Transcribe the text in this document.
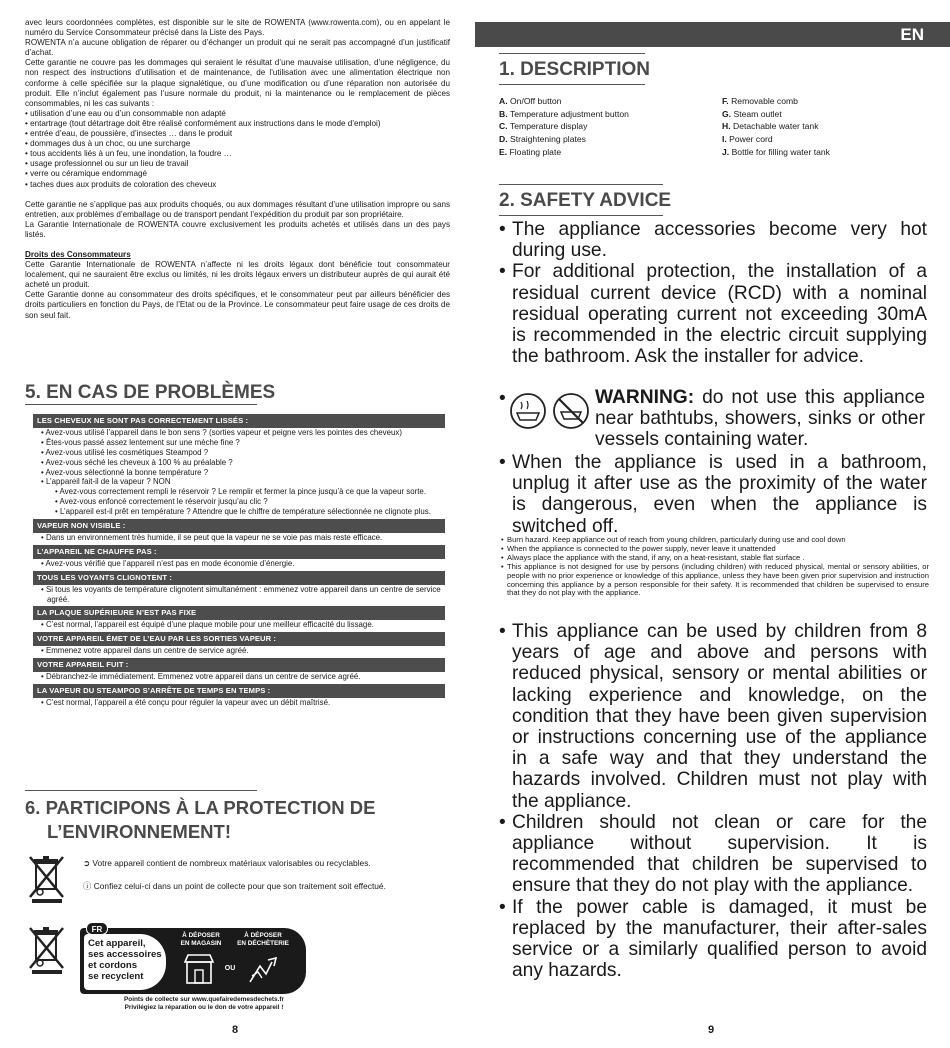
avec leurs coordonnées complètes, est disponible sur le site de ROWENTA (www.rowenta.com), ou en appelant le numéro du Service Consommateur précisé dans la Liste des Pays.

ROWENTA n’a aucune obligation de réparer ou d’échanger un produit qui ne serait pas accompagné d’un justificatif d’achat.

Cette garantie ne couvre pas les dommages qui seraient le résultat d’une mauvaise utilisation, d’une négligence, du non respect des instructions d’utilisation et de maintenance, de l’utilisation avec une alimentation électrique non conforme à celle spécifiée sur la plaque signalétique, ou d’une modification ou d’une réparation non autorisée du produit. Elle n’inclut également pas l’usure normale du produit, ni la maintenance ou le remplacement de pièces consommables, ni les cas suivants :

• utilisation d’une eau ou d’un consommable non adapté

• entartrage (tout détartrage doit être réalisé conformément aux instructions dans le mode d’emploi)

• entrée d’eau, de poussière, d’insectes … dans le produit

• dommages dus à un choc, ou une surcharge

• tous accidents liés à un feu, une inondation, la foudre …

• usage professionnel ou sur un lieu de travail

• verre ou céramique endommagé

• taches dues aux produits de coloration des cheveux

Cette garantie ne s’applique pas aux produits choqués, ou aux dommages résultant d’une utilisation impropre ou sans entretien, aux problèmes d’emballage ou de transport pendant l’expédition du produit par son propriétaire.

La Garantie Internationale de ROWENTA couvre exclusivement les produits achetés et utilisés dans un des pays listés.

Droits des Consommateurs

Cette Garantie Internationale de ROWENTA n’affecte ni les droits légaux dont bénéficie tout consommateur localement, qui ne sauraient être exclus ou limités, ni les droits légaux envers un distributeur auprès de qui aurait été acheté un produit.

Cette Garantie donne au consommateur des droits spécifiques, et le consommateur peut par ailleurs bénéficier des droits particuliers en fonction du Pays, de l’Etat ou de la Province. Le consommateur peut faire usage de ces droits de son seul fait.

5. EN CAS DE PROBLÈMES
LES CHEVEUX NE SONT PAS CORRECTEMENT LISSÉS :
• Avez-vous utilisé l’appareil dans le bon sens ? (sorties vapeur et peigne vers les pointes des cheveux)
• Êtes-vous passé assez lentement sur une mèche fine ?
• Avez-vous utilisé les cosmétiques Steampod ?
• Avez-vous séché les cheveux à 100 % au préalable ?
• Avez-vous sélectionné la bonne température ?
• L’appareil fait-il de la vapeur ? NON
• Avez-vous correctement rempli le réservoir ? Le remplir et fermer la pince jusqu’à ce que la vapeur sorte.
• Avez-vous enfoncé correctement le réservoir jusqu’au clic ?
• L’appareil est-il prêt en température ? Attendre que le chiffre de température sélectionnée ne clignote plus.
VAPEUR NON VISIBLE :
• Dans un environnement très humide, il se peut que la vapeur ne se voie pas mais reste efficace.
L’APPAREIL NE CHAUFFE PAS :
• Avez-vous vérifié que l’appareil n’est pas en mode économie d’énergie.
TOUS LES VOYANTS CLIGNOTENT :
• Si tous les voyants de température clignotent simultanément : emmenez votre appareil dans un centre de service agréé.
LA PLAQUE SUPÉRIEURE N’EST PAS FIXE
• C’est normal, l’appareil est équipé d’une plaque mobile pour une meilleur efficacité du lissage.
VOTRE APPAREIL ÉMET DE L’EAU PAR LES SORTIES VAPEUR :
• Emmenez votre appareil dans un centre de service agréé.
VOTRE APPAREIL FUIT :
• Débranchez-le immédiatement. Emmenez votre appareil dans un centre de service agréé.
LA VAPEUR DU STEAMPOD S’ARRÊTE DE TEMPS EN TEMPS :
• C’est normal, l’appareil a été conçu pour réguler la vapeur avec un débit maîtrisé.
6. PARTICIPONS À LA PROTECTION DE
L’ENVIRONNEMENT!
➲ Votre appareil contient de nombreux matériaux valorisables ou recyclables.
ⓘ Confiez celui-ci dans un point de collecte pour que son traitement soit effectué.
Cet appareil,
ses accessoires
et cordons
se recyclent
FR
À DÉPOSER
EN MAGASIN
À DÉPOSER
EN DÉCHÈTERIE
OU
Points de collecte sur www.quefairedemesdechets.fr
Privilégiez la réparation ou le don de votre appareil !
8
EN
1. DESCRIPTION
A. On/Off button
B. Temperature adjustment button
C. Temperature display
D. Straightening plates
E. Floating plate
F. Removable comb
G. Steam outlet
H. Detachable water tank
I. Power cord
J. Bottle for filling water tank
2. SAFETY ADVICE
• The appliance accessories become very hot during use.
• For additional protection, the installation of a residual current device (RCD) with a nominal residual operating current not exceeding 30mA is recommended in the electric circuit supplying the bathroom. Ask the installer for advice.
•	WARNING: do not use this appliance near bathtubs, showers, sinks or other vessels containing water.
• When the appliance is used in a bathroom, unplug it after use as the proximity of the water is dangerous, even when the appliance is switched off.
• Burn hazard. Keep appliance out of reach from young children, particularly during use and cool down
• When the appliance is connected to the power supply, never leave it unattended
• Always place the appliance with the stand, if any, on a heat-resistant, stable flat surface .
• This appliance is not designed for use by persons (including children) with reduced physical, mental or sensory abilities, or people with no prior experience or knowledge of this appliance, unless they have been given prior supervision and instruction concerning this appliance by a person responsible for their safety. It is recommended that children be supervised to ensure that they do not play with the appliance.
• This appliance can be used by children from 8 years of age and above and persons with reduced physical, sensory or mental abilities or lacking experience and knowledge, on the condition that they have been given supervision or instructions concerning use of the appliance in a safe way and that they understand the hazards involved. Children must not play with the appliance.
• Children should not clean or care for the appliance without supervision. It is recommended that children be supervised to ensure that they do not play with the appliance.
• If the power cable is damaged, it must be replaced by the manufacturer, their after-sales service or a similarly qualified person to avoid any hazards.
9
